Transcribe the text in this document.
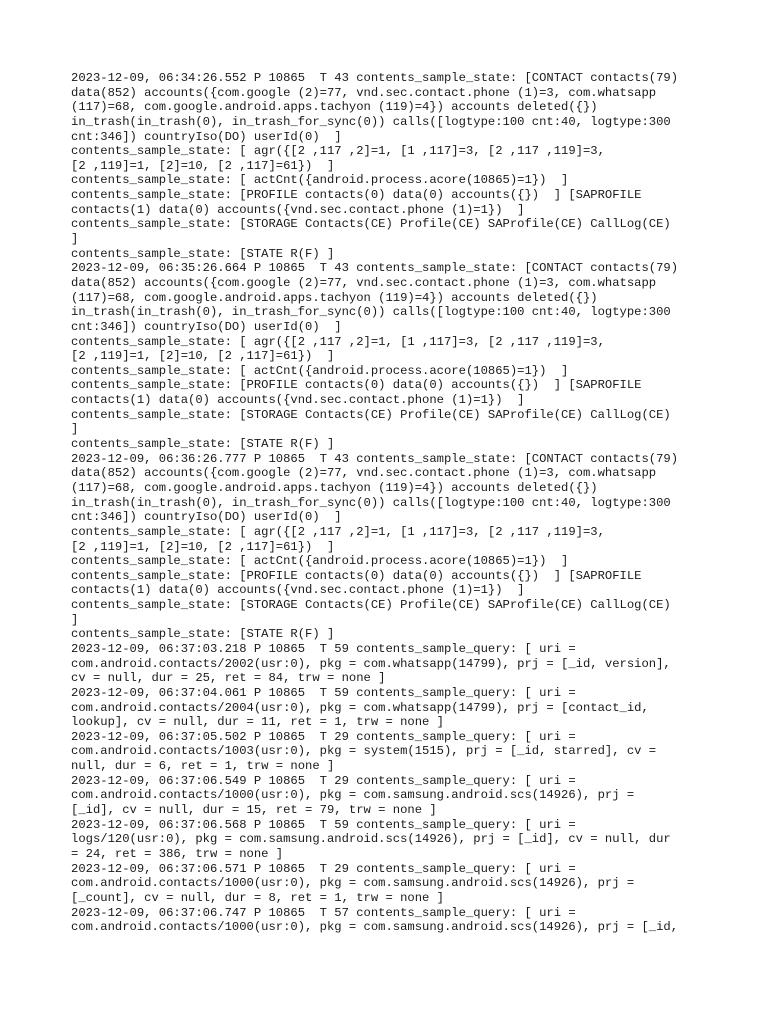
2023-12-09, 06:34:26.552 P 10865  T 43 contents_sample_state: [CONTACT contacts(79)
data(852) accounts({com.google (2)=77, vnd.sec.contact.phone (1)=3, com.whatsapp
(117)=68, com.google.android.apps.tachyon (119)=4}) accounts deleted({})
in_trash(in_trash(0), in_trash_for_sync(0)) calls([logtype:100 cnt:40, logtype:300
cnt:346]) countryIso(DO) userId(0)  ]
contents_sample_state: [ agr({[2 ,117 ,2]=1, [1 ,117]=3, [2 ,117 ,119]=3,
[2 ,119]=1, [2]=10, [2 ,117]=61})  ]
contents_sample_state: [ actCnt({android.process.acore(10865)=1})  ]
contents_sample_state: [PROFILE contacts(0) data(0) accounts({})  ] [SAPROFILE
contacts(1) data(0) accounts({vnd.sec.contact.phone (1)=1})  ]
contents_sample_state: [STORAGE Contacts(CE) Profile(CE) SAProfile(CE) CallLog(CE)
]
contents_sample_state: [STATE R(F) ]
2023-12-09, 06:35:26.664 P 10865  T 43 contents_sample_state: [CONTACT contacts(79)
data(852) accounts({com.google (2)=77, vnd.sec.contact.phone (1)=3, com.whatsapp
(117)=68, com.google.android.apps.tachyon (119)=4}) accounts deleted({})
in_trash(in_trash(0), in_trash_for_sync(0)) calls([logtype:100 cnt:40, logtype:300
cnt:346]) countryIso(DO) userId(0)  ]
contents_sample_state: [ agr({[2 ,117 ,2]=1, [1 ,117]=3, [2 ,117 ,119]=3,
[2 ,119]=1, [2]=10, [2 ,117]=61})  ]
contents_sample_state: [ actCnt({android.process.acore(10865)=1})  ]
contents_sample_state: [PROFILE contacts(0) data(0) accounts({})  ] [SAPROFILE
contacts(1) data(0) accounts({vnd.sec.contact.phone (1)=1})  ]
contents_sample_state: [STORAGE Contacts(CE) Profile(CE) SAProfile(CE) CallLog(CE)
]
contents_sample_state: [STATE R(F) ]
2023-12-09, 06:36:26.777 P 10865  T 43 contents_sample_state: [CONTACT contacts(79)
data(852) accounts({com.google (2)=77, vnd.sec.contact.phone (1)=3, com.whatsapp
(117)=68, com.google.android.apps.tachyon (119)=4}) accounts deleted({})
in_trash(in_trash(0), in_trash_for_sync(0)) calls([logtype:100 cnt:40, logtype:300
cnt:346]) countryIso(DO) userId(0)  ]
contents_sample_state: [ agr({[2 ,117 ,2]=1, [1 ,117]=3, [2 ,117 ,119]=3,
[2 ,119]=1, [2]=10, [2 ,117]=61})  ]
contents_sample_state: [ actCnt({android.process.acore(10865)=1})  ]
contents_sample_state: [PROFILE contacts(0) data(0) accounts({})  ] [SAPROFILE
contacts(1) data(0) accounts({vnd.sec.contact.phone (1)=1})  ]
contents_sample_state: [STORAGE Contacts(CE) Profile(CE) SAProfile(CE) CallLog(CE)
]
contents_sample_state: [STATE R(F) ]
2023-12-09, 06:37:03.218 P 10865  T 59 contents_sample_query: [ uri =
com.android.contacts/2002(usr:0), pkg = com.whatsapp(14799), prj = [_id, version],
cv = null, dur = 25, ret = 84, trw = none ]
2023-12-09, 06:37:04.061 P 10865  T 59 contents_sample_query: [ uri =
com.android.contacts/2004(usr:0), pkg = com.whatsapp(14799), prj = [contact_id,
lookup], cv = null, dur = 11, ret = 1, trw = none ]
2023-12-09, 06:37:05.502 P 10865  T 29 contents_sample_query: [ uri =
com.android.contacts/1003(usr:0), pkg = system(1515), prj = [_id, starred], cv =
null, dur = 6, ret = 1, trw = none ]
2023-12-09, 06:37:06.549 P 10865  T 29 contents_sample_query: [ uri =
com.android.contacts/1000(usr:0), pkg = com.samsung.android.scs(14926), prj =
[_id], cv = null, dur = 15, ret = 79, trw = none ]
2023-12-09, 06:37:06.568 P 10865  T 59 contents_sample_query: [ uri =
logs/120(usr:0), pkg = com.samsung.android.scs(14926), prj = [_id], cv = null, dur
= 24, ret = 386, trw = none ]
2023-12-09, 06:37:06.571 P 10865  T 29 contents_sample_query: [ uri =
com.android.contacts/1000(usr:0), pkg = com.samsung.android.scs(14926), prj =
[_count], cv = null, dur = 8, ret = 1, trw = none ]
2023-12-09, 06:37:06.747 P 10865  T 57 contents_sample_query: [ uri =
com.android.contacts/1000(usr:0), pkg = com.samsung.android.scs(14926), prj = [_id,
